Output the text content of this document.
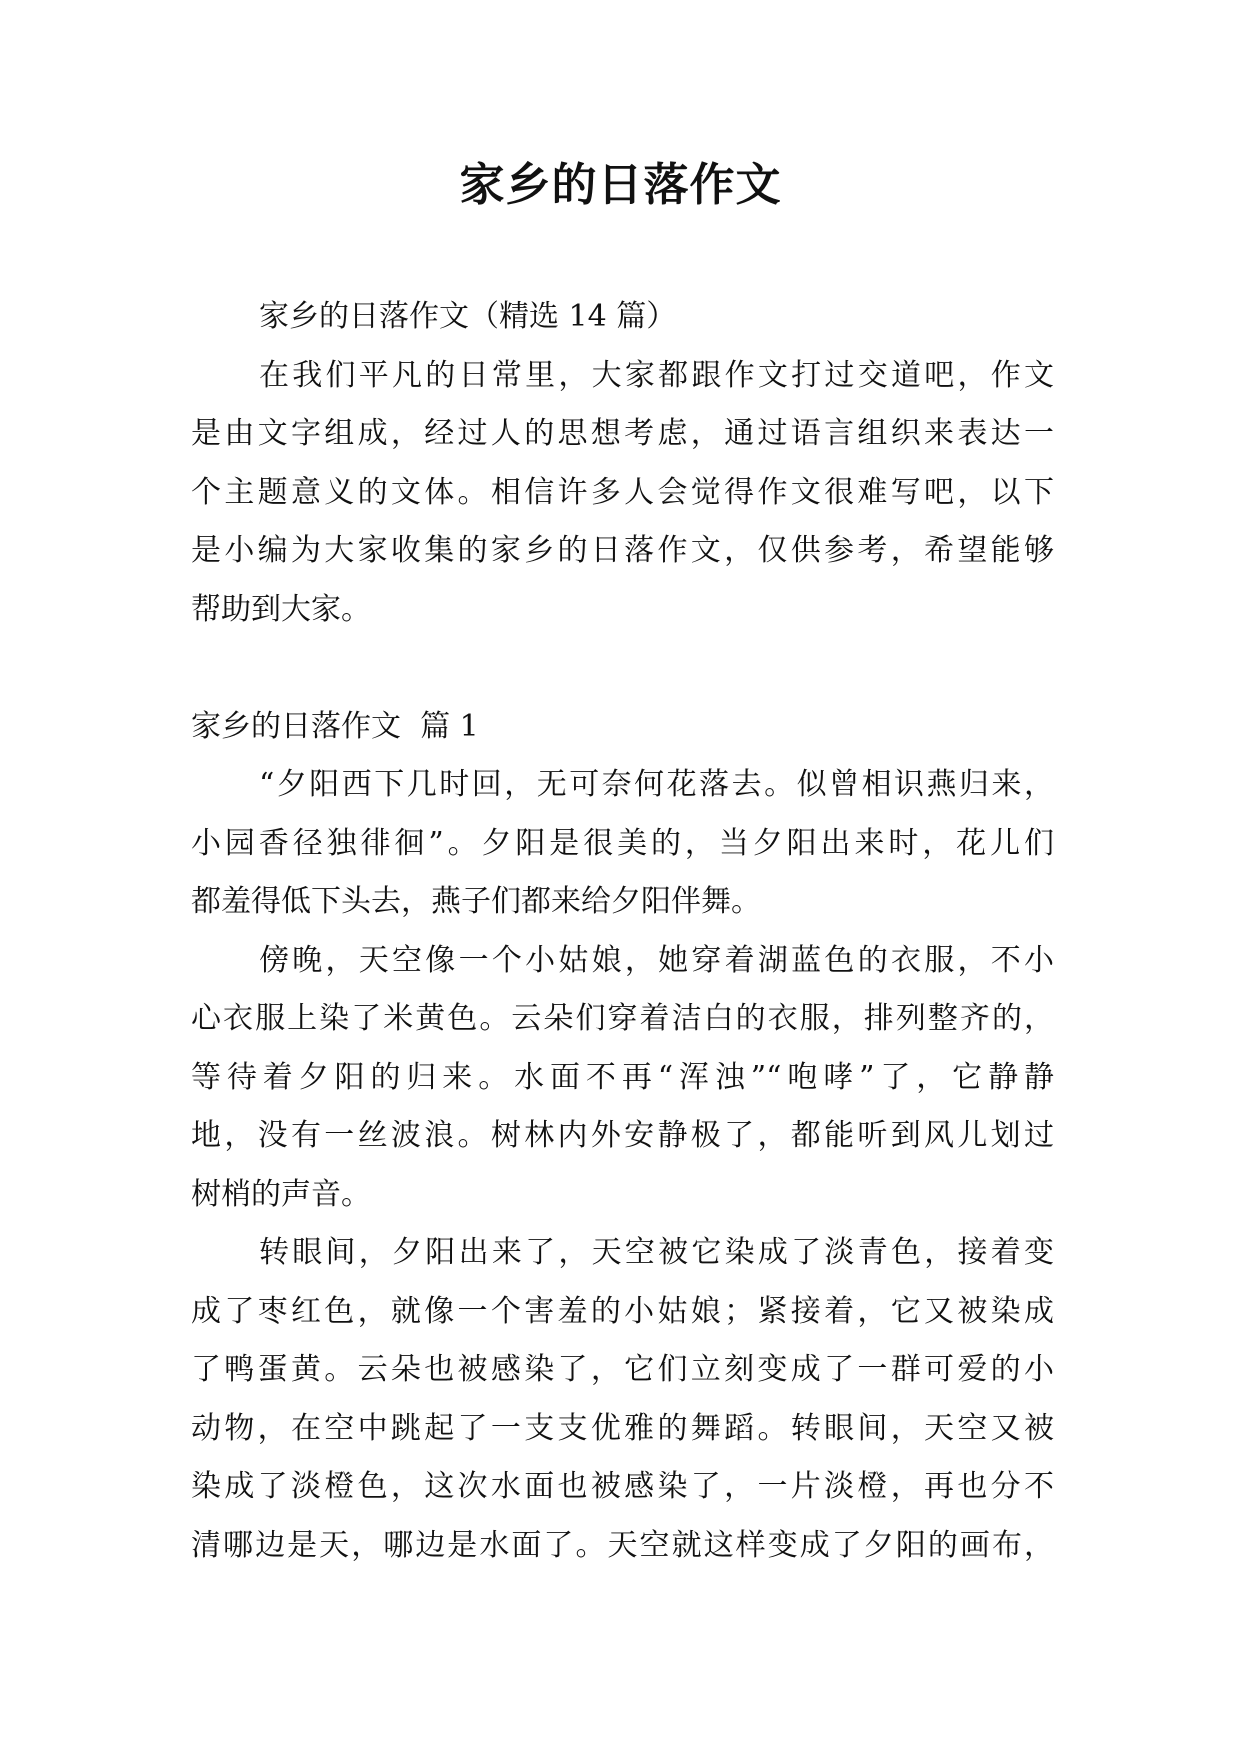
家乡的日落作文
家乡的日落作文（精选 14 篇）
在我们平凡的日常里，大家都跟作文打过交道吧，作文
是由文字组成，经过人的思想考虑，通过语言组织来表达一
个主题意义的文体。相信许多人会觉得作文很难写吧，以下
是小编为大家收集的家乡的日落作文，仅供参考，希望能够
帮助到大家。
家乡的日落作文  篇 1
“夕阳西下几时回，无可奈何花落去。似曾相识燕归来，
小园香径独徘徊”。夕阳是很美的，当夕阳出来时，花儿们
都羞得低下头去，燕子们都来给夕阳伴舞。
傍晚，天空像一个小姑娘，她穿着湖蓝色的衣服，不小
心衣服上染了米黄色。云朵们穿着洁白的衣服，排列整齐的，
等待着夕阳的归来。水面不再“浑浊”“咆哮”了，它静静
地，没有一丝波浪。树林内外安静极了，都能听到风儿划过
树梢的声音。
转眼间，夕阳出来了，天空被它染成了淡青色，接着变
成了枣红色，就像一个害羞的小姑娘；紧接着，它又被染成
了鸭蛋黄。云朵也被感染了，它们立刻变成了一群可爱的小
动物，在空中跳起了一支支优雅的舞蹈。转眼间，天空又被
染成了淡橙色，这次水面也被感染了，一片淡橙，再也分不
清哪边是天，哪边是水面了。天空就这样变成了夕阳的画布，
